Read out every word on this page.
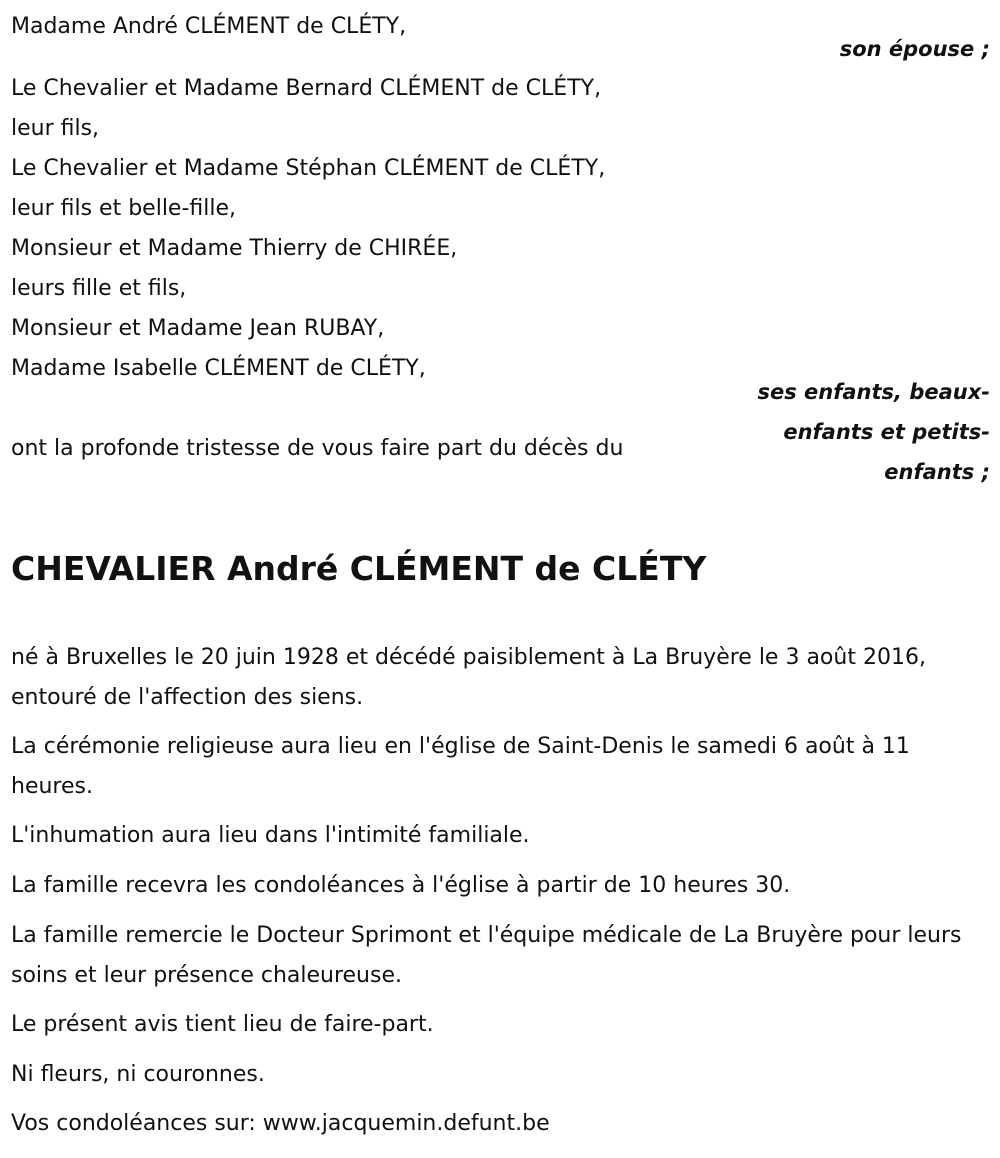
Madame André CLÉMENT de CLÉTY,
son épouse ;
Le Chevalier et Madame Bernard CLÉMENT de CLÉTY,
leur fils,
Le Chevalier et Madame Stéphan CLÉMENT de CLÉTY,
leur fils et belle-fille,
Monsieur et Madame Thierry de CHIRÉE,
leurs fille et fils,
Monsieur et Madame Jean RUBAY,
Madame Isabelle CLÉMENT de CLÉTY,
ses enfants, beaux-enfants et petits-enfants ;
ont la profonde tristesse de vous faire part du décès du
CHEVALIER André CLÉMENT de CLÉTY
né à Bruxelles le 20 juin 1928 et décédé paisiblement à La Bruyère le 3 août 2016, entouré de l'affection des siens.
La cérémonie religieuse aura lieu en l'église de Saint-Denis le samedi 6 août à 11 heures.
L'inhumation aura lieu dans l'intimité familiale.
La famille recevra les condoléances à l'église à partir de 10 heures 30.
La famille remercie le Docteur Sprimont et l'équipe médicale de La Bruyère pour leurs soins et leur présence chaleureuse.
Le présent avis tient lieu de faire-part.
Ni fleurs, ni couronnes.
Vos condoléances sur: www.jacquemin.defunt.be
